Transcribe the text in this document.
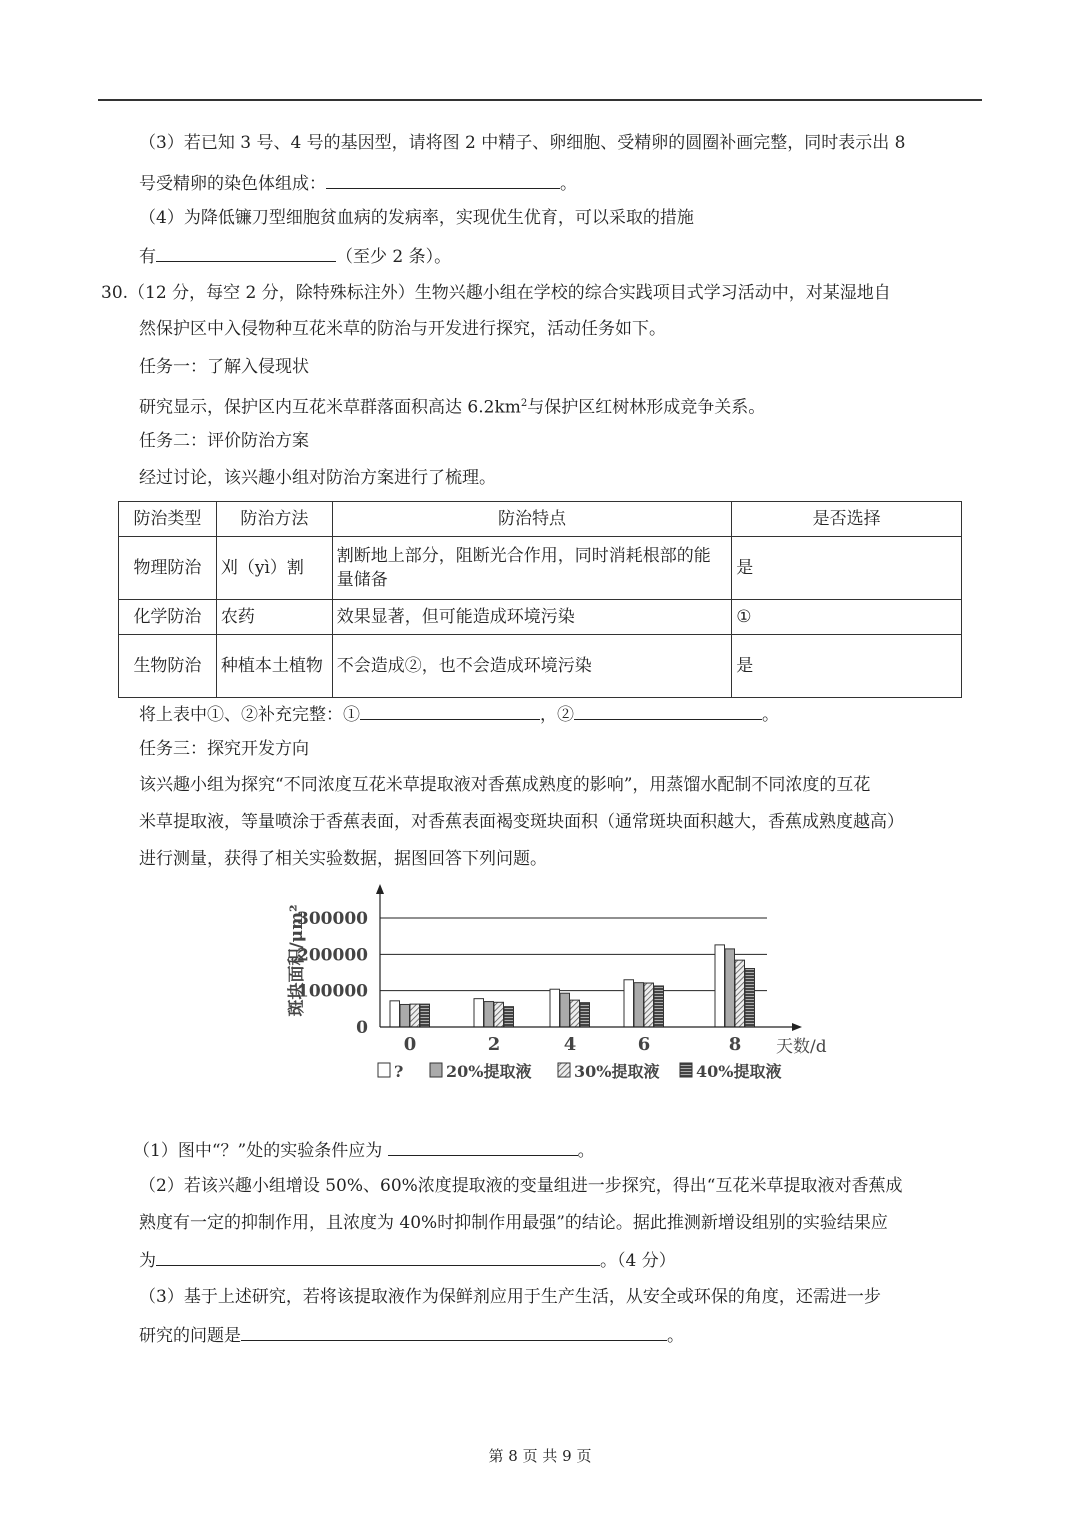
（3）若已知 3 号、4 号的基因型，请将图 2 中精子、卵细胞、受精卵的圆圈补画完整，同时表示出 8
号受精卵的染色体组成：	。
（4）为降低镰刀型细胞贫血病的发病率，实现优生优育，可以采取的措施
有	（至少 2 条）。
30.（12 分，每空 2 分，除特殊标注外）生物兴趣小组在学校的综合实践项目式学习活动中，对某湿地自
然保护区中入侵物种互花米草的防治与开发进行探究，活动任务如下。
任务一：了解入侵现状
研究显示，保护区内互花米草群落面积高达 $6.2km^2$与保护区红树林形成竞争关系。
任务二：评价防治方案
经过讨论，该兴趣小组对防治方案进行了梳理。
防治类型	防治方法	防治特点	是否选择
物理防治	刈（yì）割	割断地上部分，阻断光合作用，同时消耗根部的能量储备	是
化学防治	农药	效果显著，但可能造成环境污染	①
生物防治	种植本土植物	不会造成②，也不会造成环境污染	是
将上表中①、②补充完整：①	，②	。
任务三：探究开发方向
该兴趣小组为探究“不同浓度互花米草提取液对香蕉成熟度的影响”，用蒸馏水配制不同浓度的互花
米草提取液，等量喷涂于香蕉表面，对香蕉表面褐变斑块面积（通常斑块面积越大，香蕉成熟度越高）
进行测量，获得了相关实验数据，据图回答下列问题。
0
100000
200000
300000
0	2	4	6	8
斑块面积/μm²
天数/d
?	20%提取液	30%提取液 40%提取液
（1）图中“？”处的实验条件应为	。
（2）若该兴趣小组增设 50%、60%浓度提取液的变量组进一步探究，得出“互花米草提取液对香蕉成
熟度有一定的抑制作用，且浓度为 40%时抑制作用最强”的结论。据此推测新增设组别的实验结果应
为	。（4 分）
（3）基于上述研究，若将该提取液作为保鲜剂应用于生产生活，从安全或环保的角度，还需进一步
研究的问题是	。
第 8 页 共 9 页
